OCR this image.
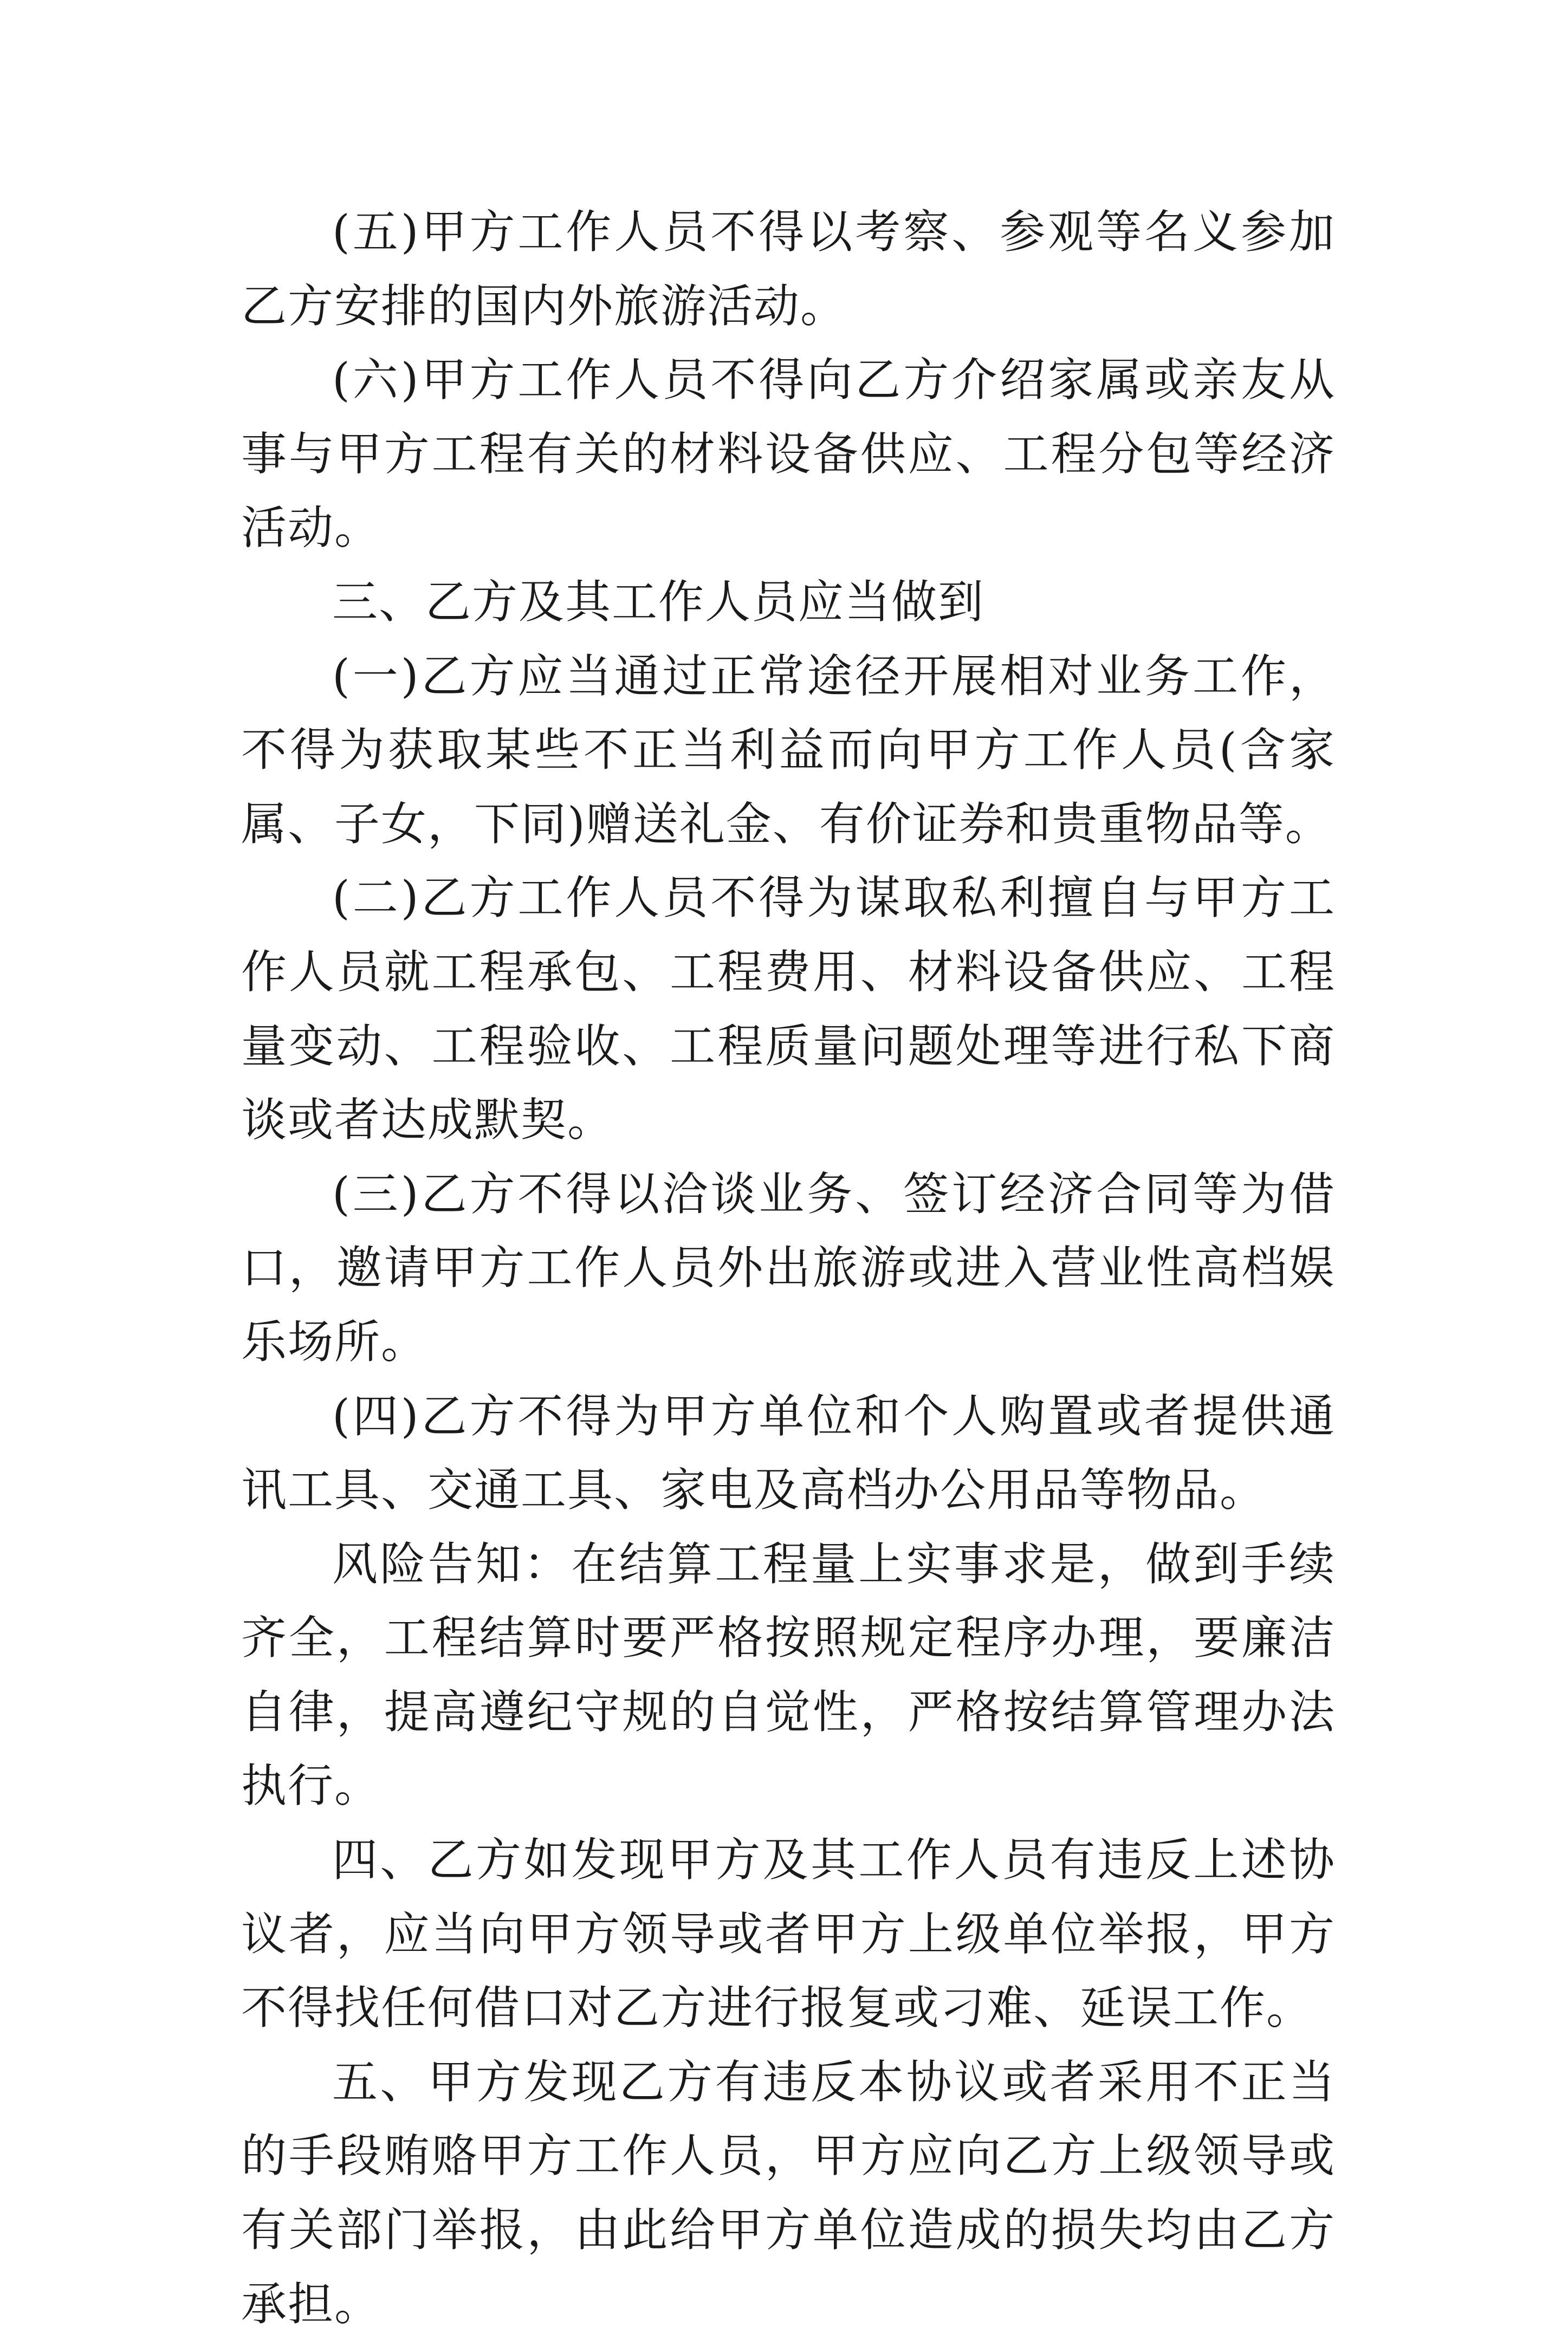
(五)甲方工作人员不得以考察、参观等名义参加乙方安排的国内外旅游活动。

(六)甲方工作人员不得向乙方介绍家属或亲友从事与甲方工程有关的材料设备供应、工程分包等经济活动。

三、乙方及其工作人员应当做到

(一)乙方应当通过正常途径开展相对业务工作，不得为获取某些不正当利益而向甲方工作人员(含家属、子女，下同)赠送礼金、有价证券和贵重物品等。

(二)乙方工作人员不得为谋取私利擅自与甲方工作人员就工程承包、工程费用、材料设备供应、工程量变动、工程验收、工程质量问题处理等进行私下商谈或者达成默契。

(三)乙方不得以洽谈业务、签订经济合同等为借口，邀请甲方工作人员外出旅游或进入营业性高档娱乐场所。

(四)乙方不得为甲方单位和个人购置或者提供通讯工具、交通工具、家电及高档办公用品等物品。

风险告知：在结算工程量上实事求是，做到手续齐全，工程结算时要严格按照规定程序办理，要廉洁自律，提高遵纪守规的自觉性，严格按结算管理办法执行。

四、乙方如发现甲方及其工作人员有违反上述协议者，应当向甲方领导或者甲方上级单位举报，甲方不得找任何借口对乙方进行报复或刁难、延误工作。

五、甲方发现乙方有违反本协议或者采用不正当的手段贿赂甲方工作人员，甲方应向乙方上级领导或有关部门举报，由此给甲方单位造成的损失均由乙方承担。
